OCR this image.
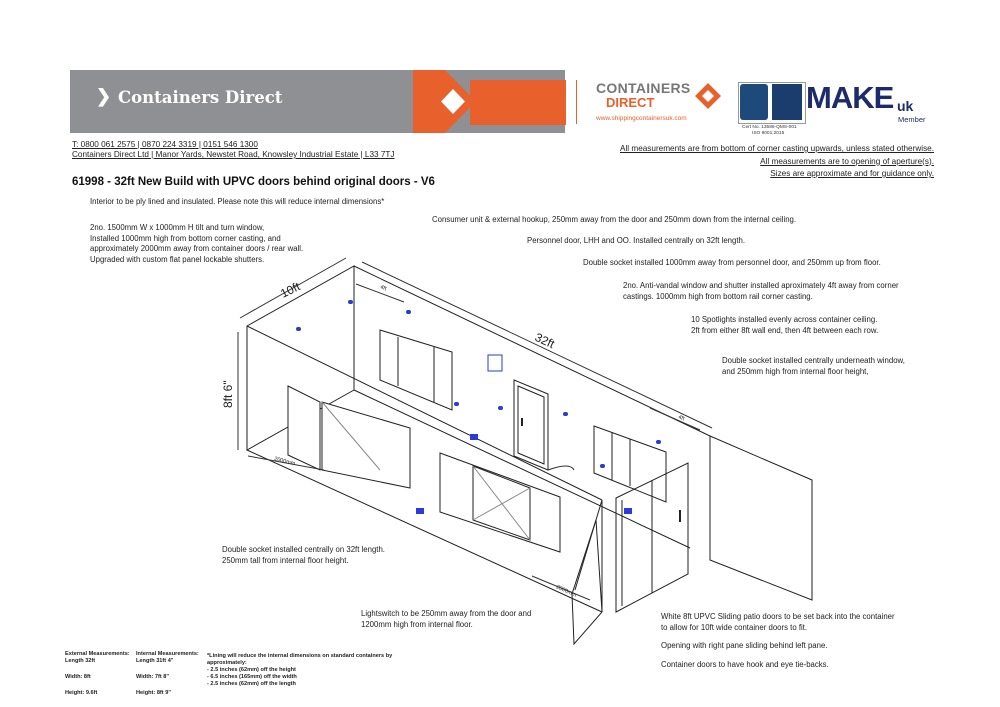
❯ Containers Direct	CONTAINERS
DIRECT
www.shippingcontainersuk.com
Cert No. 13586-QMS-001
ISO 9001:2015
MAKE uk
Member
T: 0800 061 2575 | 0870 224 3319 | 0151 546 1300
Containers Direct Ltd | Manor Yards, Newstet Road, Knowsley Industrial Estate | L33 7TJ
All measurements are from bottom of corner casting upwards, unless stated otherwise.
All measurements are to opening of aperture(s).
Sizes are approximate and for guidance only.
61998 - 32ft New Build with UPVC doors behind original doors - V6
Interior to be ply lined and insulated. Please note this will reduce internal dimensions*
2no. 1500mm W x 1000mm H tilt and turn window,
Installed 1000mm high from bottom corner casting, and
approximately 2000mm away from container doors / rear wall.
Upgraded with custom flat panel lockable shutters.
Consumer unit & external hookup, 250mm away from the door and 250mm down from the internal ceiling.
Personnel door, LHH and OO. Installed centrally on 32ft length.
Double socket installed 1000mm away from personnel door, and 250mm up from floor.
2no. Anti-vandal window and shutter installed aproximately 4ft away from corner
castings. 1000mm high from bottom rail corner casting.
10 Spotlights installed evenly across container ceiling.
2ft from either 8ft wall end, then 4ft between each row.
Double socket installed centrally underneath window,
and 250mm high from internal floor height,
Double socket installed centrally on 32ft length.
250mm tall from internal floor height.
Lightswitch to be 250mm away from the door and
1200mm high from internal floor.
White 8ft UPVC Sliding patio doors to be set back into the container
to allow for 10ft wide container doors to fit.
Opening with right pane sliding behind left pane.
Container doors to have hook and eye tie-backs.
10ft
32ft
8ft 6"
4ft
4ft
2000mm
2000mm
External Measurements:
Length 32ft
Width: 8ft
Height: 9.6ft
Internal Measurements:
Length 31ft 4"
Width: 7ft 8"
Height: 8ft 9"
*Lining will reduce the internal dimensions on standard containers by
approximately:
- 2.5 inches (62mm) off the height
- 6.5 inches (165mm) off the width
- 2.5 inches (62mm) off the length
